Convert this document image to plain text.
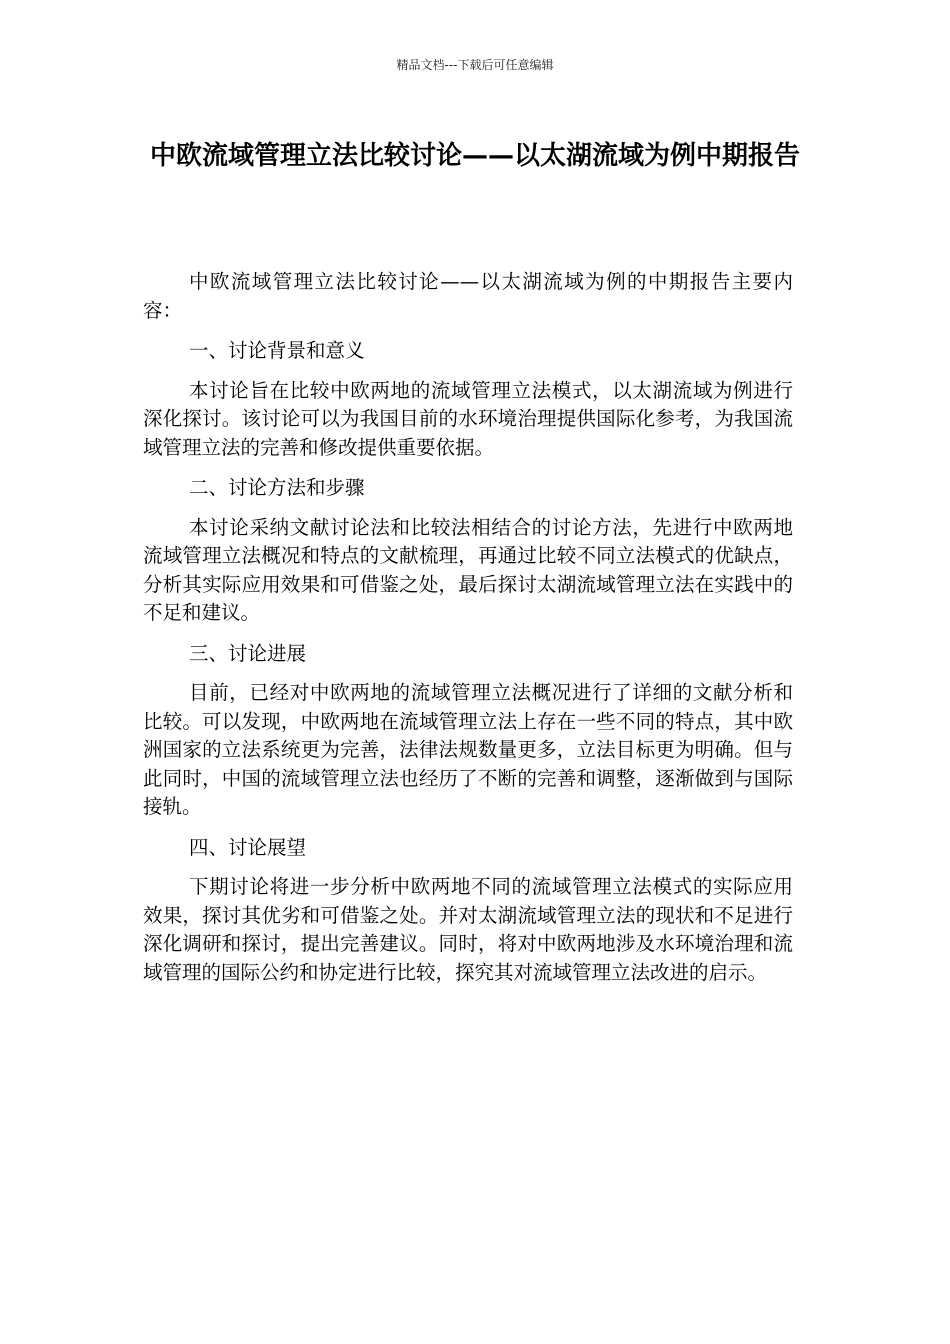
精品文档---下载后可任意编辑
中欧流域管理立法比较讨论——以太湖流域为例中期报告

中欧流域管理立法比较讨论——以太湖流域为例的中期报告主要内容：

一、讨论背景和意义

本讨论旨在比较中欧两地的流域管理立法模式，以太湖流域为例进行深化探讨。该讨论可以为我国目前的水环境治理提供国际化参考，为我国流域管理立法的完善和修改提供重要依据。

二、讨论方法和步骤

本讨论采纳文献讨论法和比较法相结合的讨论方法，先进行中欧两地流域管理立法概况和特点的文献梳理，再通过比较不同立法模式的优缺点，分析其实际应用效果和可借鉴之处，最后探讨太湖流域管理立法在实践中的不足和建议。

三、讨论进展

目前，已经对中欧两地的流域管理立法概况进行了详细的文献分析和比较。可以发现，中欧两地在流域管理立法上存在一些不同的特点，其中欧洲国家的立法系统更为完善，法律法规数量更多，立法目标更为明确。但与此同时，中国的流域管理立法也经历了不断的完善和调整，逐渐做到与国际接轨。

四、讨论展望

下期讨论将进一步分析中欧两地不同的流域管理立法模式的实际应用效果，探讨其优劣和可借鉴之处。并对太湖流域管理立法的现状和不足进行深化调研和探讨，提出完善建议。同时，将对中欧两地涉及水环境治理和流域管理的国际公约和协定进行比较，探究其对流域管理立法改进的启示。
